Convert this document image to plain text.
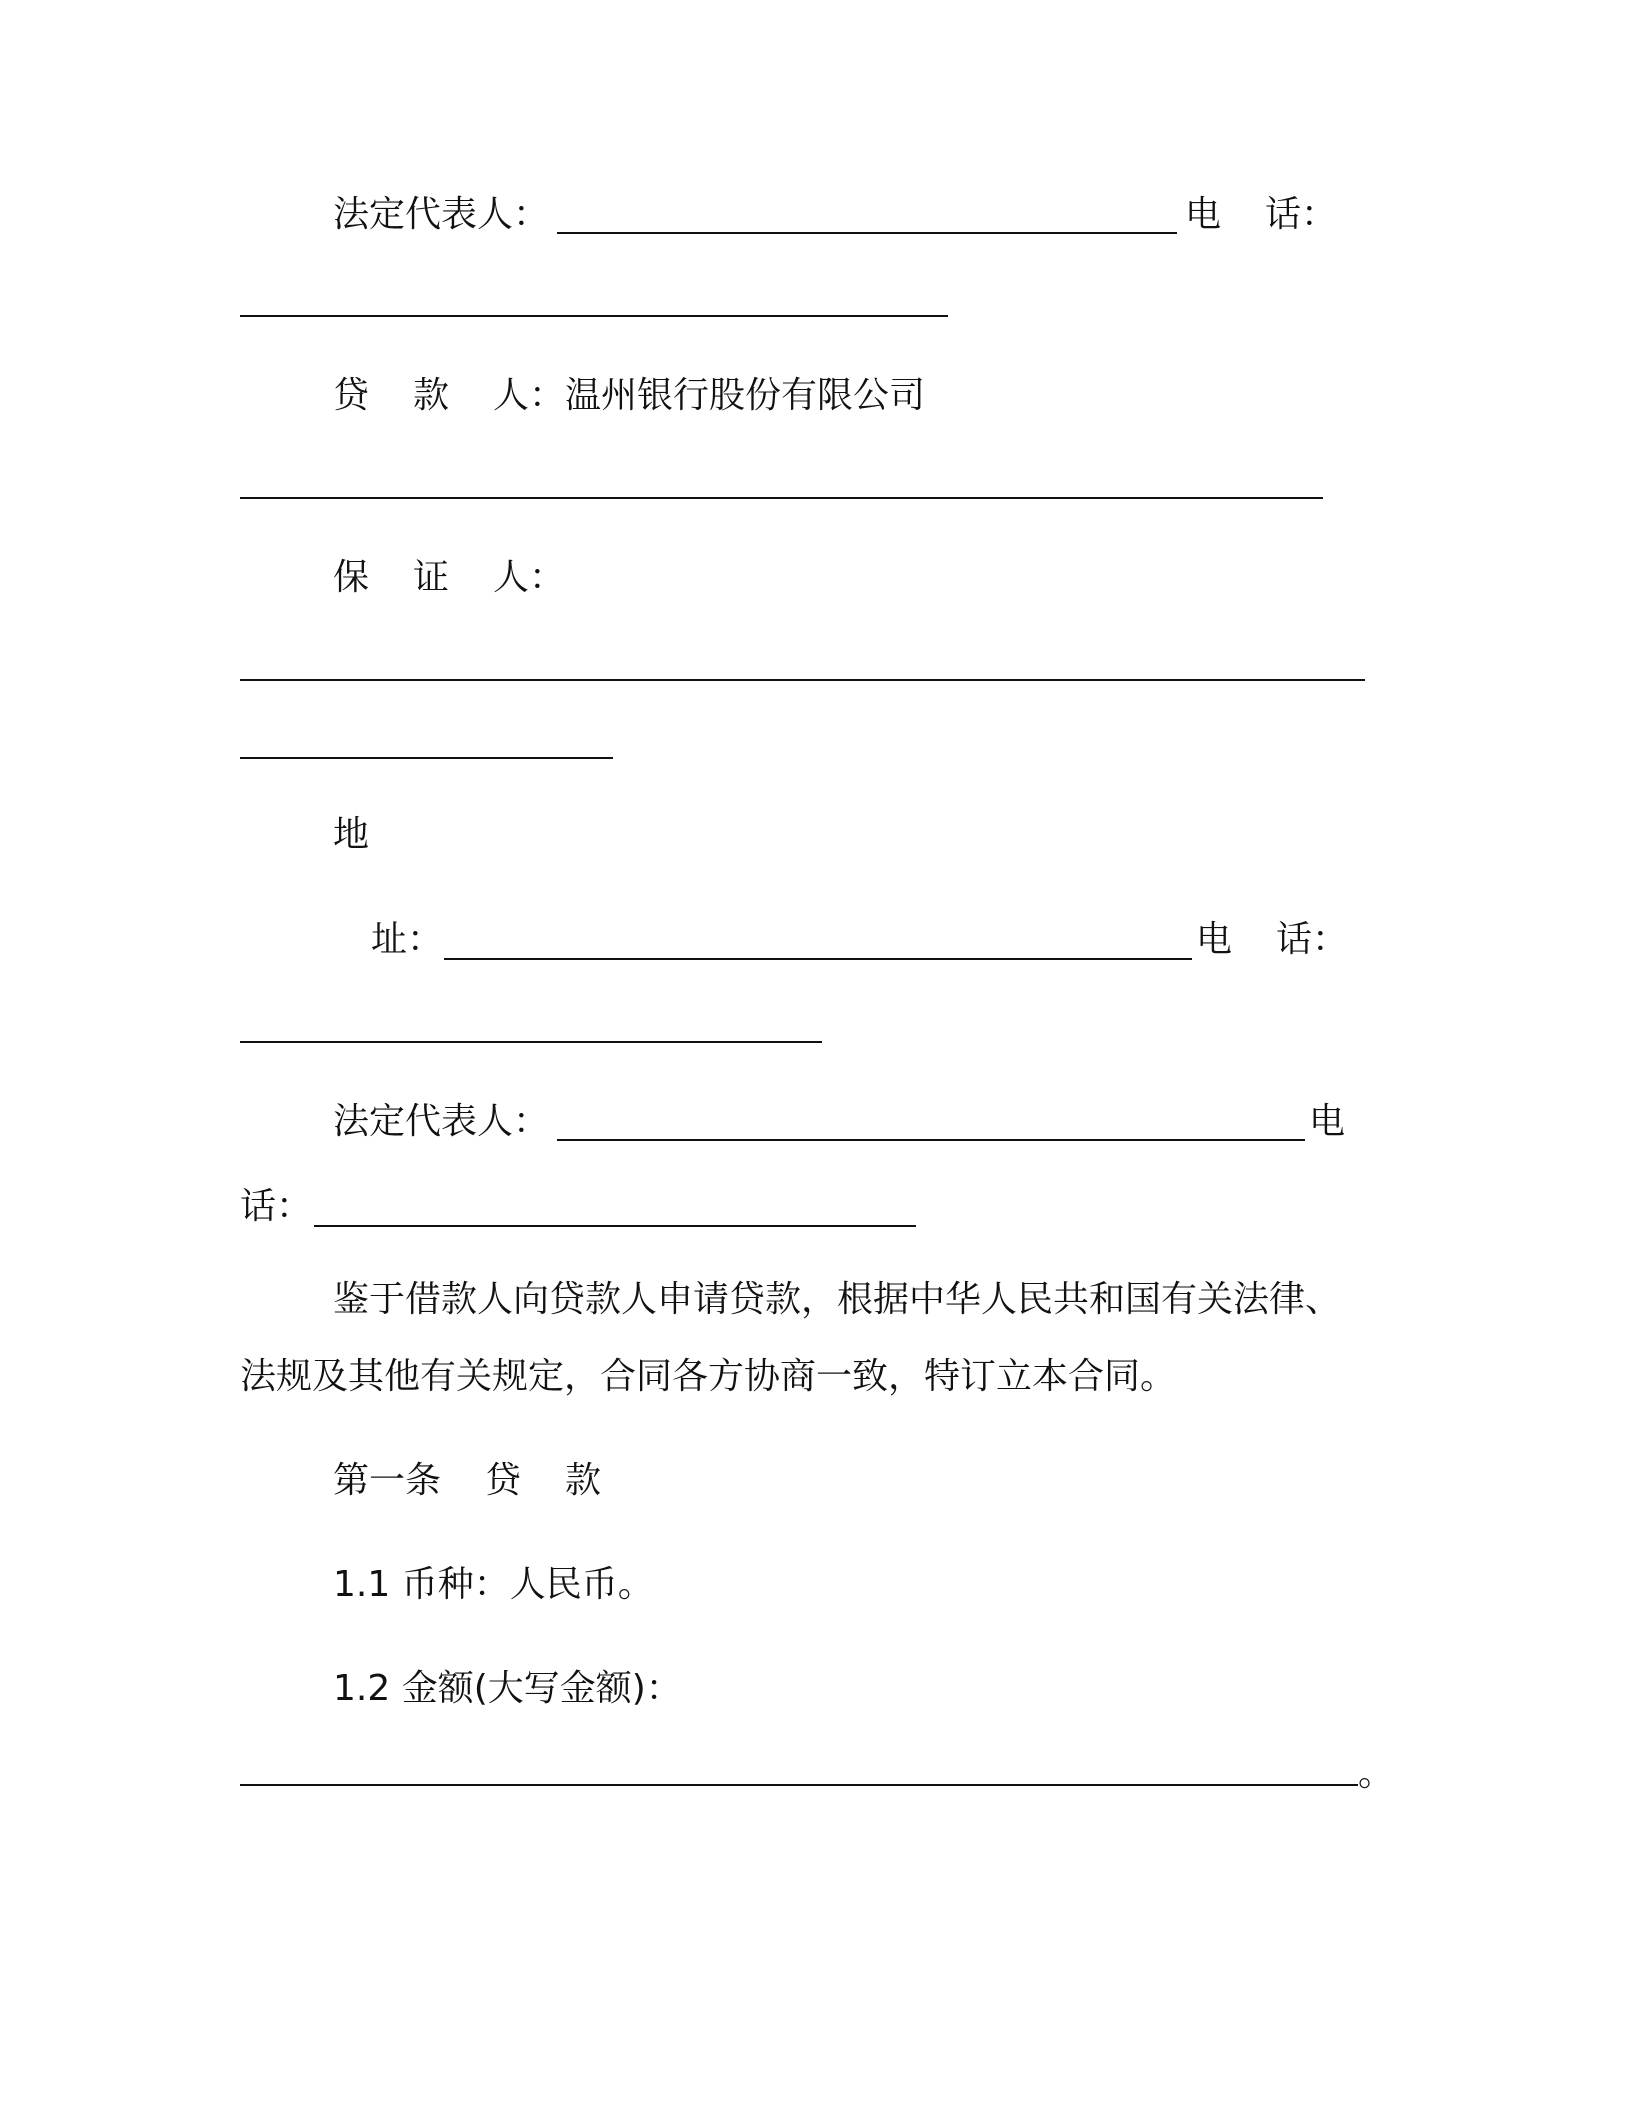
法定代表人：	电 话：
贷 款 人：温州银行股份有限公司
保 证 人：
地
址：	电 话：
法定代表人：	电
话：
鉴于借款人向贷款人申请贷款，根据中华人民共和国有关法律、
法规及其他有关规定，合同各方协商一致，特订立本合同。
第一条 贷 款
1.1 币种：人民币。
1.2 金额(大写金额)：
。
